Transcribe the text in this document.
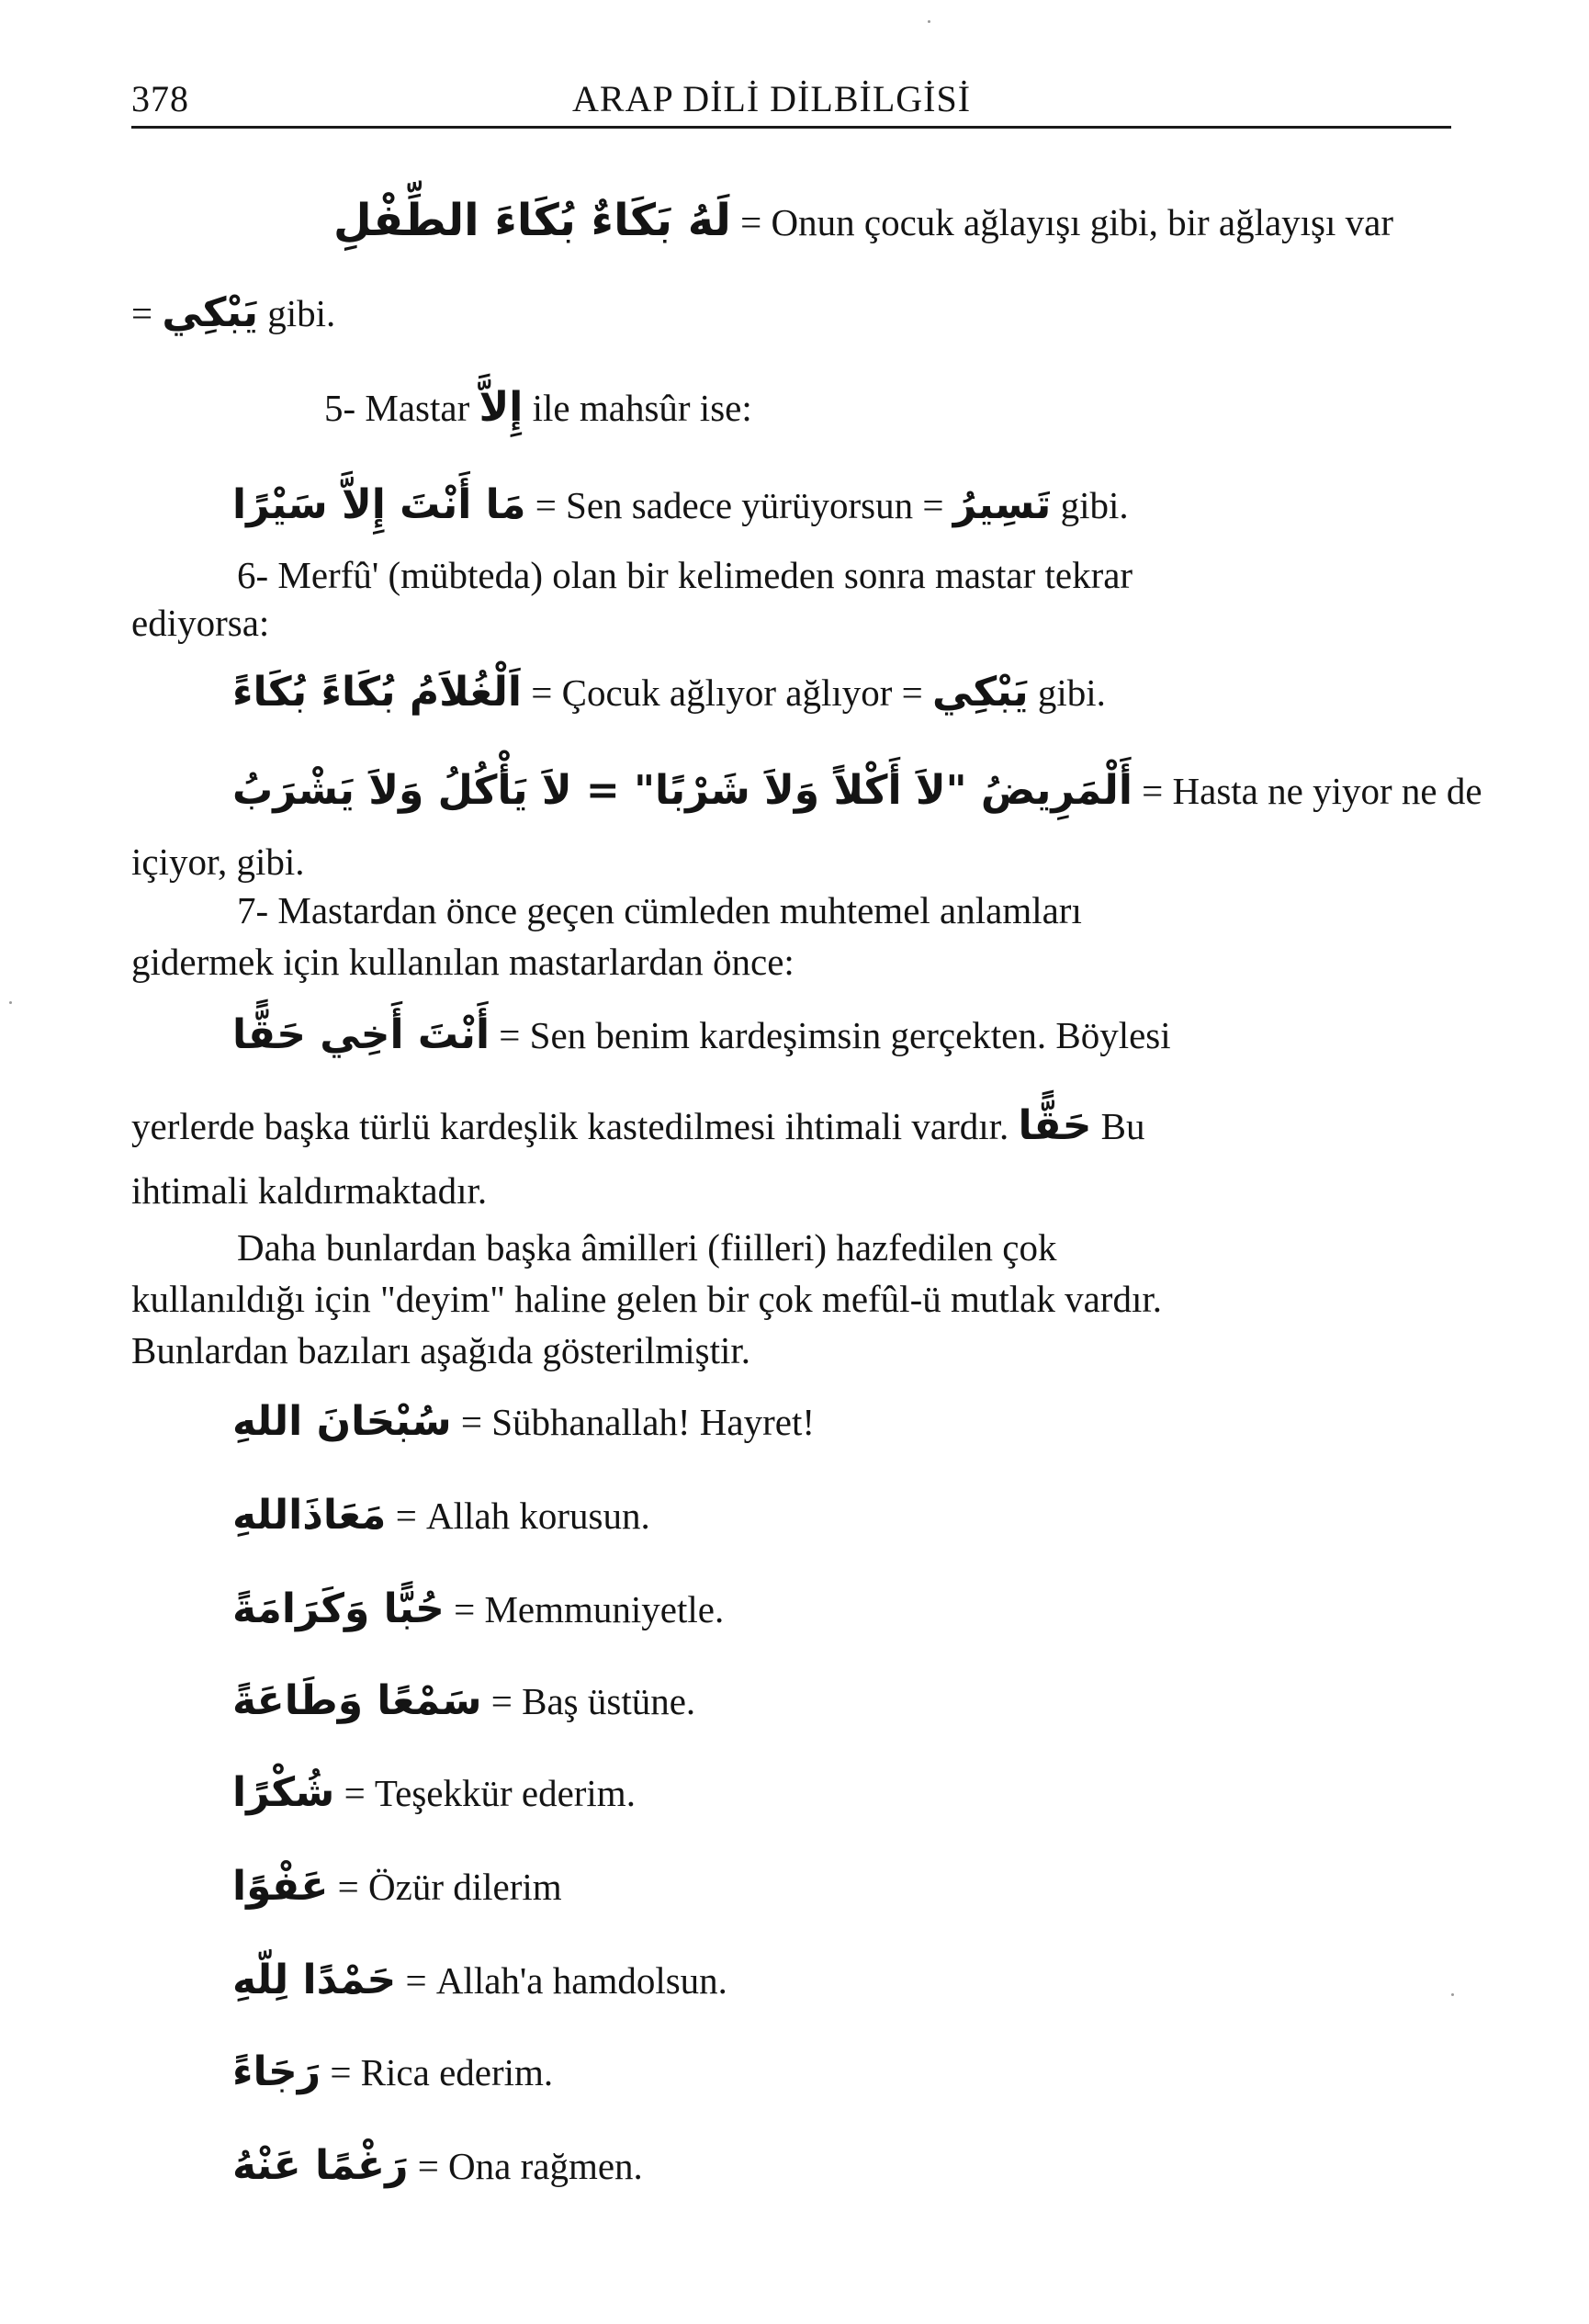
378	ARAP DİLİ DİLBİLGİSİ
لَهُ بَكَاءٌ بُكَاءَ الطِّفْلِ = Onun çocuk ağlayışı gibi, bir ağlayışı var
= يَبْكِي gibi.
5- Mastar إِلاَّ ile mahsûr ise:
مَا أَنْتَ إِلاَّ سَيْرًا = Sen sadece yürüyorsun = تَسِيرُ gibi.
6- Merfû' (mübteda) olan bir kelimeden sonra mastar tekrar
ediyorsa:
اَلْغُلاَمُ بُكَاءً بُكَاءً = Çocuk ağlıyor ağlıyor = يَبْكِي gibi.
أَلْمَرِيضُ "لاَ أَكْلاً وَلاَ شَرْبًا" = لاَ يَأْكُلُ وَلاَ يَشْرَبُ = Hasta ne yiyor ne de
içiyor, gibi.
7- Mastardan önce geçen cümleden muhtemel anlamları
gidermek için kullanılan mastarlardan önce:
أَنْتَ أَخِي حَقًّا = Sen benim kardeşimsin gerçekten. Böylesi
yerlerde başka türlü kardeşlik kastedilmesi ihtimali vardır. حَقًّا Bu
ihtimali kaldırmaktadır.
Daha bunlardan başka âmilleri (fiilleri) hazfedilen çok
kullanıldığı için "deyim" haline gelen bir çok mefûl-ü mutlak vardır.
Bunlardan bazıları aşağıda gösterilmiştir.
سُبْحَانَ اللهِ = Sübhanallah! Hayret!
مَعَاذَاللهِ = Allah korusun.
حُبًّا وَكَرَامَةً = Memmuniyetle.
سَمْعًا وَطَاعَةً = Baş üstüne.
شُكْرًا = Teşekkür ederim.
عَفْوًا = Özür dilerim
حَمْدًا لِلّهِ = Allah'a hamdolsun.
رَجَاءً = Rica ederim.
رَغْمًا عَنْهُ = Ona rağmen.
